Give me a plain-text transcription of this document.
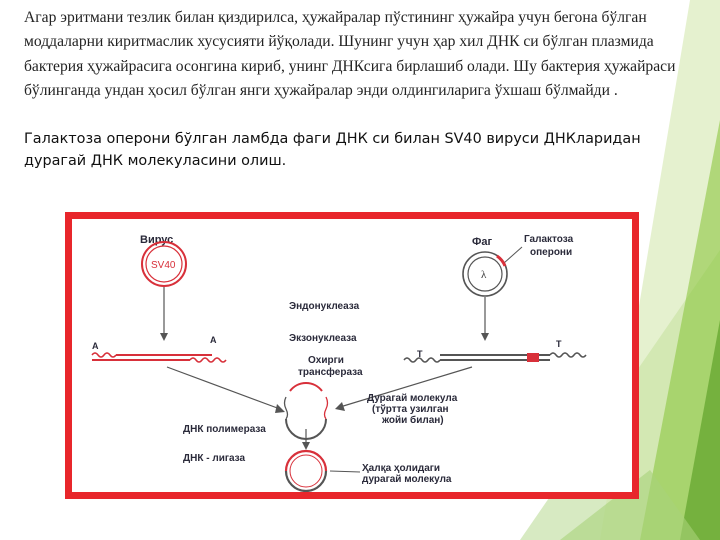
Агар эритмани тезлик билан қиздирилса, ҳужайралар пўстининг ҳужайра учун бегона бўлган моддаларни киритмаслик хусусияти йўқолади. Шунинг учун ҳар хил ДНК си бўлган плазмида бактерия ҳужайрасига осонгина кириб, унинг ДНКсига бирлашиб олади. Шу бактерия ҳужайраси бўлинганда ундан ҳосил бўлган янги ҳужайралар энди олдингиларига ўхшаш бўлмайди .

Галактоза оперони бўлган ламбда фаги ДНК си билан SV40 вируси ДНКларидан дурагай ДНК молекуласини олиш.

Вирус
SV40
Фаг	Галактоза
оперони
λ
Эндонуклеаза
Экзонуклеаза
A
A
T
T
Охирги
трансфераза
Дурагай молекула
(тўртта узилган
жойи билан)
ДНК полимераза
ДНК - лигаза
Ҳалқа ҳолидаги
дурагай молекула
